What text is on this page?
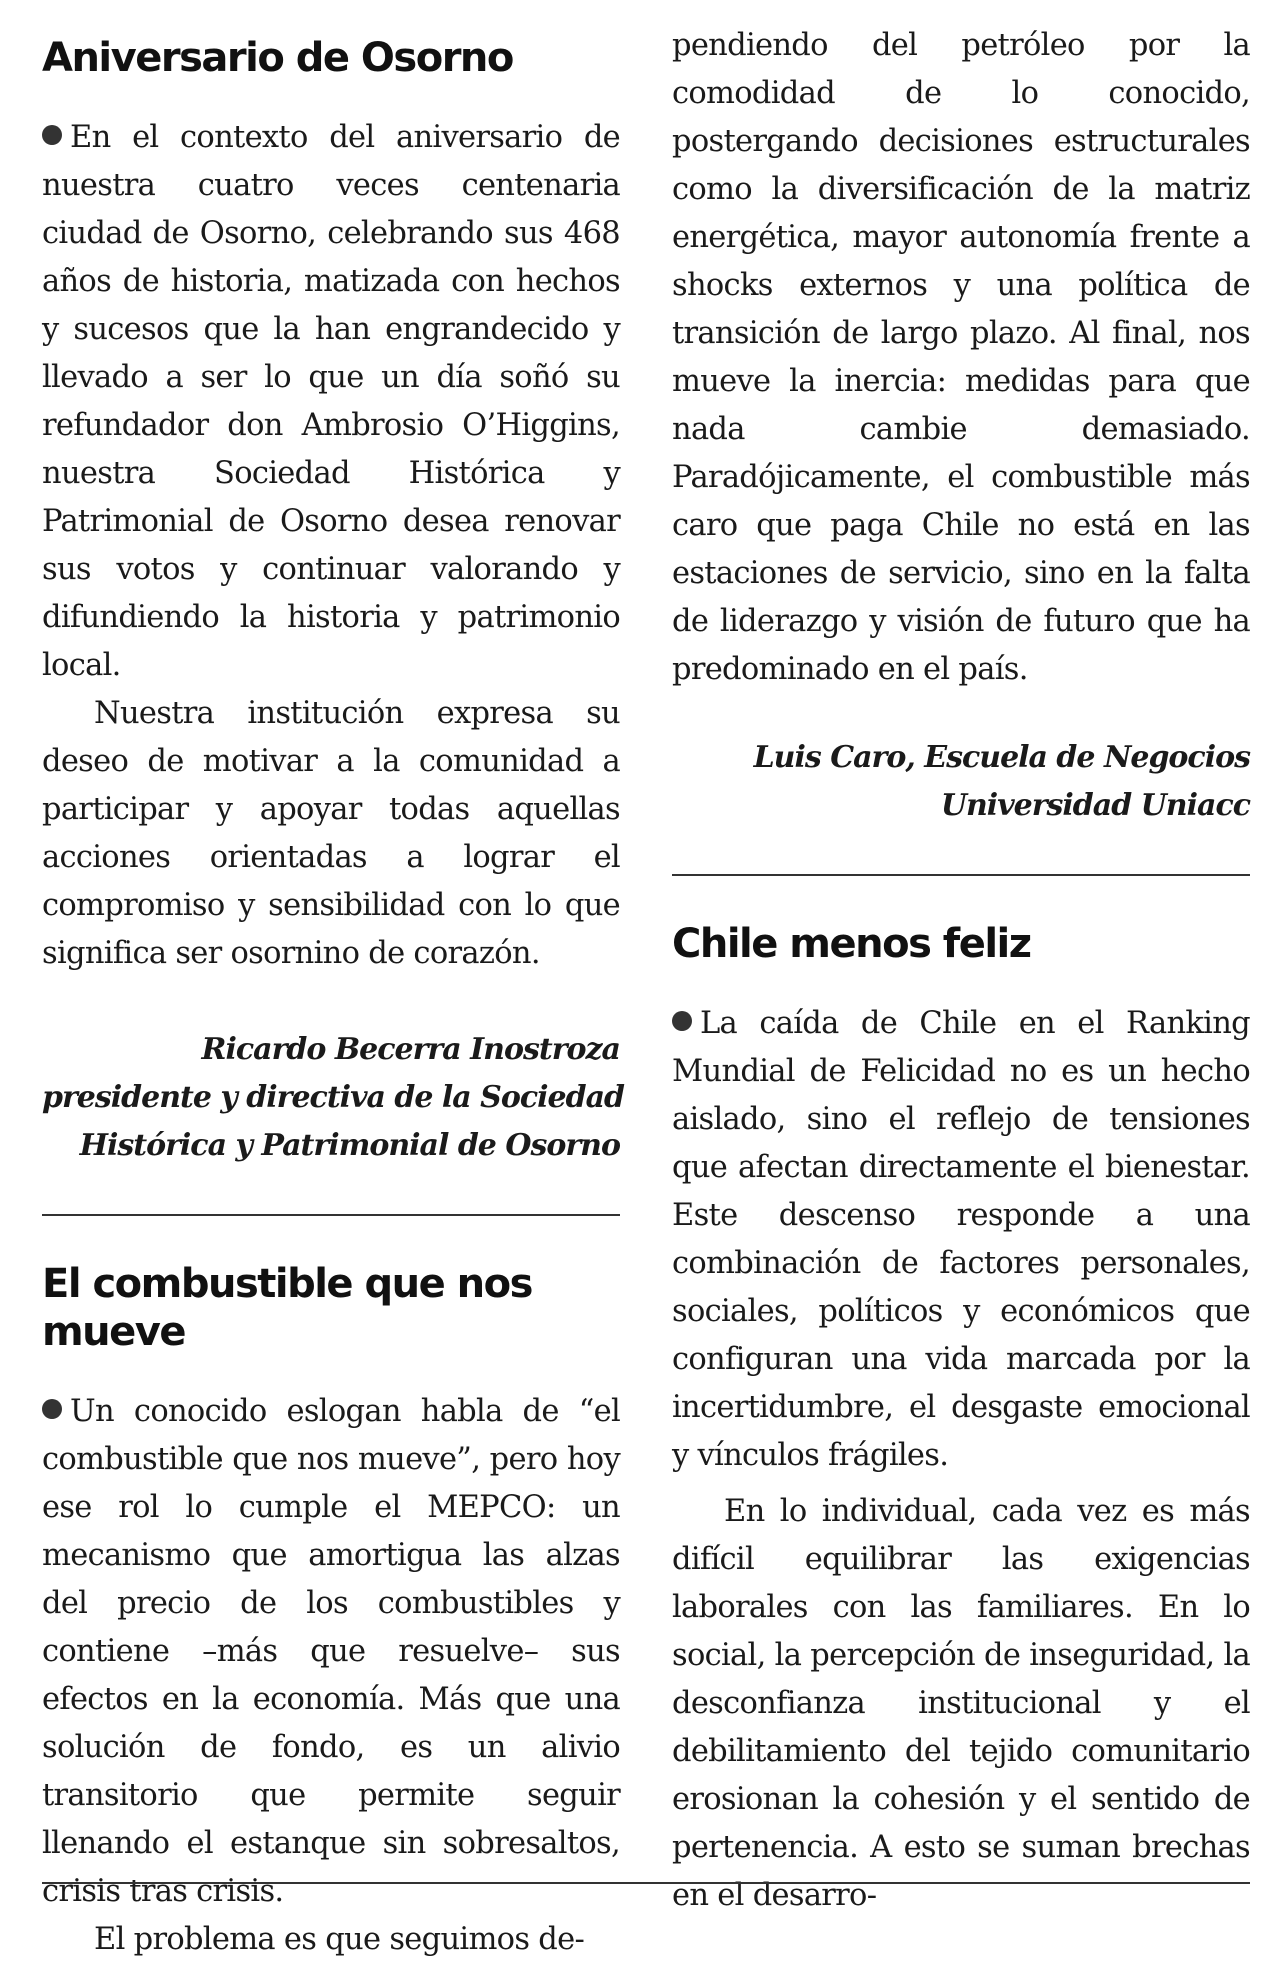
Aniversario de Osorno

En el contexto del aniversario de nuestra cuatro veces centenaria ciudad de Osorno, celebrando sus 468 años de historia, matizada con hechos y sucesos que la han engrandecido y llevado a ser lo que un día soñó su refundador don Ambrosio O’Higgins, nuestra Sociedad Histórica y Patrimonial de Osorno desea renovar sus votos y continuar valorando y difundiendo la historia y patrimonio local.

Nuestra institución expresa su deseo de motivar a la comunidad a participar y apoyar todas aquellas acciones orientadas a lograr el compromiso y sensibilidad con lo que significa ser osornino de corazón.

Ricardo Becerra Inostroza
presidente y directiva de la Sociedad
Histórica y Patrimonial de Osorno
El combustible que nos mueve

Un conocido eslogan habla de “el combustible que nos mueve”, pero hoy ese rol lo cumple el MEPCO: un mecanismo que amortigua las alzas del precio de los combustibles y contiene –más que resuelve– sus efectos en la economía. Más que una solución de fondo, es un alivio transitorio que permite seguir llenando el estanque sin sobresaltos, crisis tras crisis.

El problema es que seguimos de-

pendiendo del petróleo por la comodidad de lo conocido, postergando decisiones estructurales como la diversificación de la matriz energética, mayor autonomía frente a shocks externos y una política de transición de largo plazo. Al final, nos mueve la inercia: medidas para que nada cambie demasiado. Paradójicamente, el combustible más caro que paga Chile no está en las estaciones de servicio, sino en la falta de liderazgo y visión de futuro que ha predominado en el país.

Luis Caro, Escuela de Negocios
Universidad Uniacc
Chile menos feliz

La caída de Chile en el Ranking Mundial de Felicidad no es un hecho aislado, sino el reflejo de tensiones que afectan directamente el bienestar. Este descenso responde a una combinación de factores personales, sociales, políticos y económicos que configuran una vida marcada por la incertidumbre, el desgaste emocional y vínculos frágiles.

En lo individual, cada vez es más difícil equilibrar las exigencias laborales con las familiares. En lo social, la percepción de inseguridad, la desconfianza institucional y el debilitamiento del tejido comunitario erosionan la cohesión y el sentido de pertenencia. A esto se suman brechas en el desarro-
